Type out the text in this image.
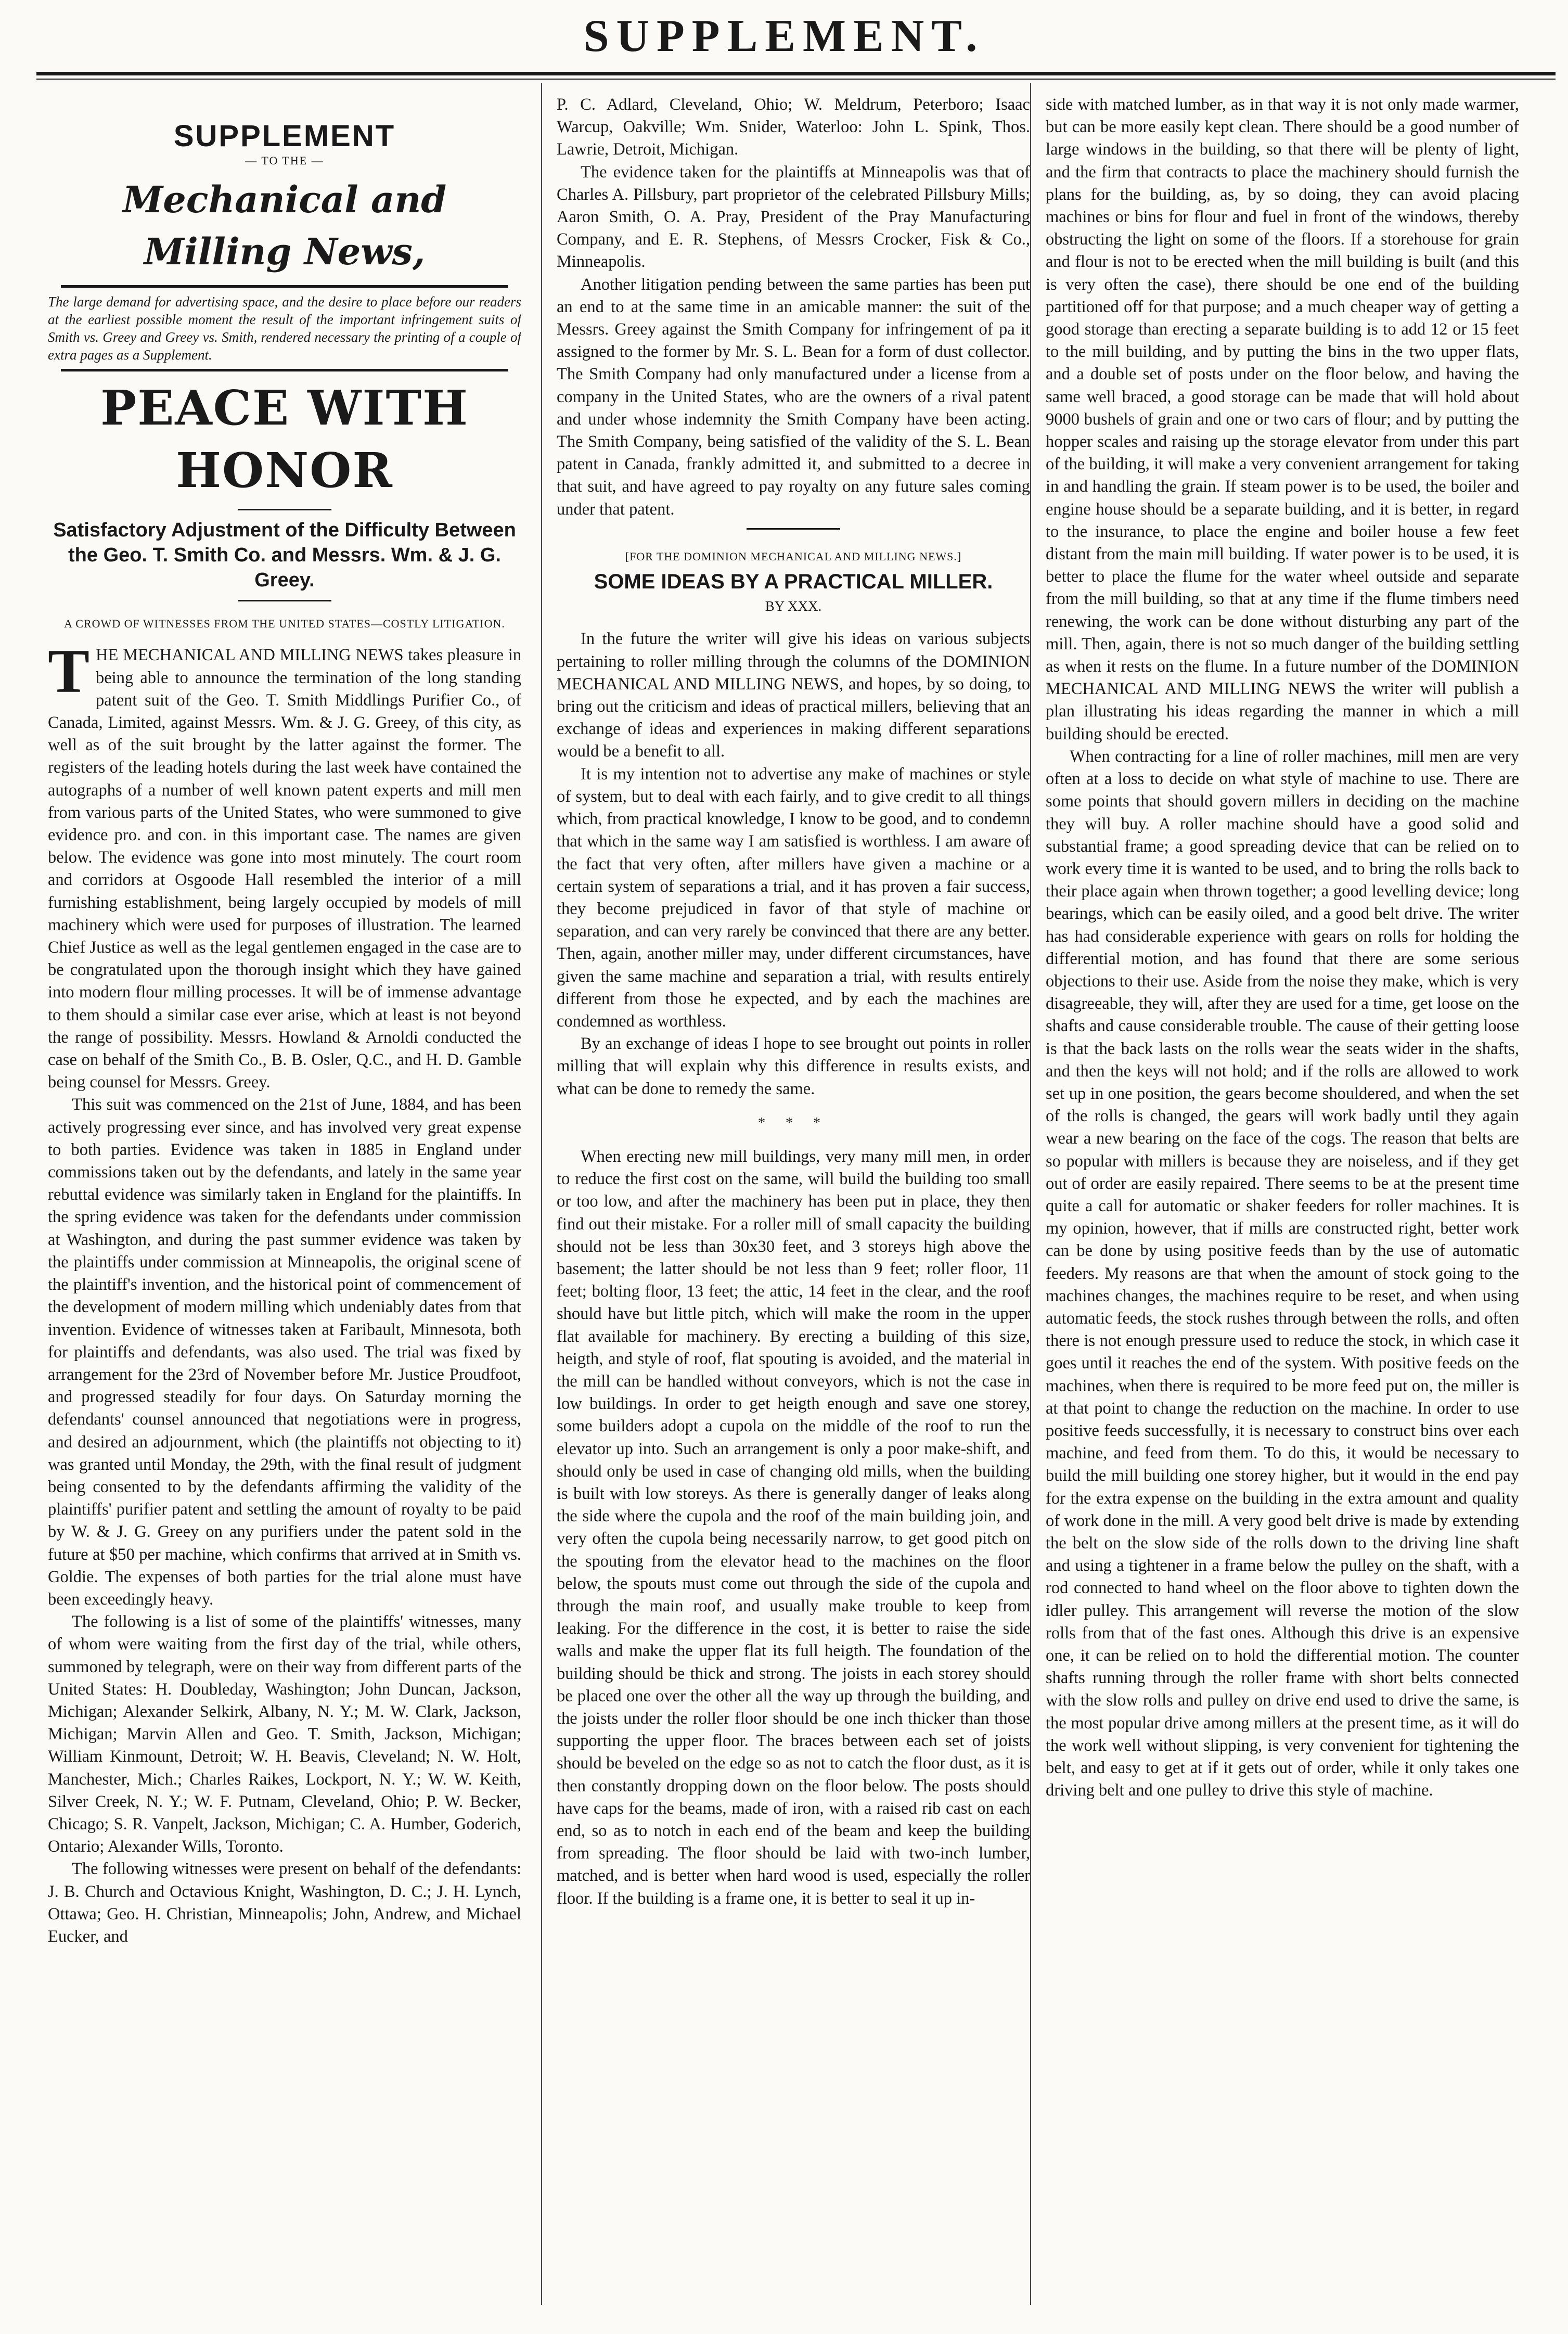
SUPPLEMENT.
SUPPLEMENT
— TO THE —
Mechanical and Milling News,

The large demand for advertising space, and the desire to place before our readers at the earliest possible moment the result of the important infringement suits of Smith vs. Greey and Greey vs. Smith, rendered necessary the printing of a couple of extra pages as a Supplement.

PEACE WITH HONOR
Satisfactory Adjustment of the Difficulty Between the Geo. T. Smith Co. and Messrs. Wm. & J. G. Greey.
A CROWD OF WITNESSES FROM THE UNITED STATES—COSTLY LITIGATION.

THE MECHANICAL AND MILLING NEWS takes pleasure in being able to announce the termination of the long standing patent suit of the Geo. T. Smith Middlings Purifier Co., of Canada, Limited, against Messrs. Wm. & J. G. Greey, of this city, as well as of the suit brought by the latter against the former. The registers of the leading hotels during the last week have contained the autographs of a number of well known patent experts and mill men from various parts of the United States, who were summoned to give evidence pro. and con. in this important case. The names are given below. The evidence was gone into most minutely. The court room and corridors at Osgoode Hall resembled the interior of a mill furnishing establishment, being largely occupied by models of mill machinery which were used for purposes of illustration. The learned Chief Justice as well as the legal gentlemen engaged in the case are to be congratulated upon the thorough insight which they have gained into modern flour milling processes. It will be of immense advantage to them should a similar case ever arise, which at least is not beyond the range of possibility. Messrs. Howland & Arnoldi conducted the case on behalf of the Smith Co., B. B. Osler, Q.C., and H. D. Gamble being counsel for Messrs. Greey.

This suit was commenced on the 21st of June, 1884, and has been actively progressing ever since, and has involved very great expense to both parties. Evidence was taken in 1885 in England under commissions taken out by the defendants, and lately in the same year rebuttal evidence was similarly taken in England for the plaintiffs. In the spring evidence was taken for the defendants under commission at Washington, and during the past summer evidence was taken by the plaintiffs under commission at Minneapolis, the original scene of the plaintiff's invention, and the historical point of commencement of the development of modern milling which undeniably dates from that invention. Evidence of witnesses taken at Faribault, Minnesota, both for plaintiffs and defendants, was also used. The trial was fixed by arrangement for the 23rd of November before Mr. Justice Proudfoot, and progressed steadily for four days. On Saturday morning the defendants' counsel announced that negotiations were in progress, and desired an adjournment, which (the plaintiffs not objecting to it) was granted until Monday, the 29th, with the final result of judgment being consented to by the defendants affirming the validity of the plaintiffs' purifier patent and settling the amount of royalty to be paid by W. & J. G. Greey on any purifiers under the patent sold in the future at $50 per machine, which confirms that arrived at in Smith vs. Goldie. The expenses of both parties for the trial alone must have been exceedingly heavy.

The following is a list of some of the plaintiffs' witnesses, many of whom were waiting from the first day of the trial, while others, summoned by telegraph, were on their way from different parts of the United States: H. Doubleday, Washington; John Duncan, Jackson, Michigan; Alexander Selkirk, Albany, N. Y.; M. W. Clark, Jackson, Michigan; Marvin Allen and Geo. T. Smith, Jackson, Michigan; William Kinmount, Detroit; W. H. Beavis, Cleveland; N. W. Holt, Manchester, Mich.; Charles Raikes, Lockport, N. Y.; W. W. Keith, Silver Creek, N. Y.; W. F. Putnam, Cleveland, Ohio; P. W. Becker, Chicago; S. R. Vanpelt, Jackson, Michigan; C. A. Humber, Goderich, Ontario; Alexander Wills, Toronto.

The following witnesses were present on behalf of the defendants: J. B. Church and Octavious Knight, Washington, D. C.; J. H. Lynch, Ottawa; Geo. H. Christian, Minneapolis; John, Andrew, and Michael Eucker, and

P. C. Adlard, Cleveland, Ohio; W. Meldrum, Peterboro; Isaac Warcup, Oakville; Wm. Snider, Waterloo: John L. Spink, Thos. Lawrie, Detroit, Michigan.

The evidence taken for the plaintiffs at Minneapolis was that of Charles A. Pillsbury, part proprietor of the celebrated Pillsbury Mills; Aaron Smith, O. A. Pray, President of the Pray Manufacturing Company, and E. R. Stephens, of Messrs Crocker, Fisk & Co., Minneapolis.

Another litigation pending between the same parties has been put an end to at the same time in an amicable manner: the suit of the Messrs. Greey against the Smith Company for infringement of pa it assigned to the former by Mr. S. L. Bean for a form of dust collector. The Smith Company had only manufactured under a license from a company in the United States, who are the owners of a rival patent and under whose indemnity the Smith Company have been acting. The Smith Company, being satisfied of the validity of the S. L. Bean patent in Canada, frankly admitted it, and submitted to a decree in that suit, and have agreed to pay royalty on any future sales coming under that patent.

[FOR THE DOMINION MECHANICAL AND MILLING NEWS.]
SOME IDEAS BY A PRACTICAL MILLER.
BY XXX.

In the future the writer will give his ideas on various subjects pertaining to roller milling through the columns of the DOMINION MECHANICAL AND MILLING NEWS, and hopes, by so doing, to bring out the criticism and ideas of practical millers, believing that an exchange of ideas and experiences in making different separations would be a benefit to all.

It is my intention not to advertise any make of machines or style of system, but to deal with each fairly, and to give credit to all things which, from practical knowledge, I know to be good, and to condemn that which in the same way I am satisfied is worthless. I am aware of the fact that very often, after millers have given a machine or a certain system of separations a trial, and it has proven a fair success, they become prejudiced in favor of that style of machine or separation, and can very rarely be convinced that there are any better. Then, again, another miller may, under different circumstances, have given the same machine and separation a trial, with results entirely different from those he expected, and by each the machines are condemned as worthless.

By an exchange of ideas I hope to see brought out points in roller milling that will explain why this difference in results exists, and what can be done to remedy the same.

* * *

When erecting new mill buildings, very many mill men, in order to reduce the first cost on the same, will build the building too small or too low, and after the machinery has been put in place, they then find out their mistake. For a roller mill of small capacity the building should not be less than 30x30 feet, and 3 storeys high above the basement; the latter should be not less than 9 feet; roller floor, 11 feet; bolting floor, 13 feet; the attic, 14 feet in the clear, and the roof should have but little pitch, which will make the room in the upper flat available for machinery. By erecting a building of this size, heigth, and style of roof, flat spouting is avoided, and the material in the mill can be handled without conveyors, which is not the case in low buildings. In order to get heigth enough and save one storey, some builders adopt a cupola on the middle of the roof to run the elevator up into. Such an arrangement is only a poor make-shift, and should only be used in case of changing old mills, when the building is built with low storeys. As there is generally danger of leaks along the side where the cupola and the roof of the main building join, and very often the cupola being necessarily narrow, to get good pitch on the spouting from the elevator head to the machines on the floor below, the spouts must come out through the side of the cupola and through the main roof, and usually make trouble to keep from leaking. For the difference in the cost, it is better to raise the side walls and make the upper flat its full heigth. The foundation of the building should be thick and strong. The joists in each storey should be placed one over the other all the way up through the building, and the joists under the roller floor should be one inch thicker than those supporting the upper floor. The braces between each set of joists should be beveled on the edge so as not to catch the floor dust, as it is then constantly dropping down on the floor below. The posts should have caps for the beams, made of iron, with a raised rib cast on each end, so as to notch in each end of the beam and keep the building from spreading. The floor should be laid with two-inch lumber, matched, and is better when hard wood is used, especially the roller floor. If the building is a frame one, it is better to seal it up in-

side with matched lumber, as in that way it is not only made warmer, but can be more easily kept clean. There should be a good number of large windows in the building, so that there will be plenty of light, and the firm that contracts to place the machinery should furnish the plans for the building, as, by so doing, they can avoid placing machines or bins for flour and fuel in front of the windows, thereby obstructing the light on some of the floors. If a storehouse for grain and flour is not to be erected when the mill building is built (and this is very often the case), there should be one end of the building partitioned off for that purpose; and a much cheaper way of getting a good storage than erecting a separate building is to add 12 or 15 feet to the mill building, and by putting the bins in the two upper flats, and a double set of posts under on the floor below, and having the same well braced, a good storage can be made that will hold about 9000 bushels of grain and one or two cars of flour; and by putting the hopper scales and raising up the storage elevator from under this part of the building, it will make a very convenient arrangement for taking in and handling the grain. If steam power is to be used, the boiler and engine house should be a separate building, and it is better, in regard to the insurance, to place the engine and boiler house a few feet distant from the main mill building. If water power is to be used, it is better to place the flume for the water wheel outside and separate from the mill building, so that at any time if the flume timbers need renewing, the work can be done without disturbing any part of the mill. Then, again, there is not so much danger of the building settling as when it rests on the flume. In a future number of the DOMINION MECHANICAL AND MILLING NEWS the writer will publish a plan illustrating his ideas regarding the manner in which a mill building should be erected.

When contracting for a line of roller machines, mill men are very often at a loss to decide on what style of machine to use. There are some points that should govern millers in deciding on the machine they will buy. A roller machine should have a good solid and substantial frame; a good spreading device that can be relied on to work every time it is wanted to be used, and to bring the rolls back to their place again when thrown together; a good levelling device; long bearings, which can be easily oiled, and a good belt drive. The writer has had considerable experience with gears on rolls for holding the differential motion, and has found that there are some serious objections to their use. Aside from the noise they make, which is very disagreeable, they will, after they are used for a time, get loose on the shafts and cause considerable trouble. The cause of their getting loose is that the back lasts on the rolls wear the seats wider in the shafts, and then the keys will not hold; and if the rolls are allowed to work set up in one position, the gears become shouldered, and when the set of the rolls is changed, the gears will work badly until they again wear a new bearing on the face of the cogs. The reason that belts are so popular with millers is because they are noiseless, and if they get out of order are easily repaired. There seems to be at the present time quite a call for automatic or shaker feeders for roller machines. It is my opinion, however, that if mills are constructed right, better work can be done by using positive feeds than by the use of automatic feeders. My reasons are that when the amount of stock going to the machines changes, the machines require to be reset, and when using automatic feeds, the stock rushes through between the rolls, and often there is not enough pressure used to reduce the stock, in which case it goes until it reaches the end of the system. With positive feeds on the machines, when there is required to be more feed put on, the miller is at that point to change the reduction on the machine. In order to use positive feeds successfully, it is necessary to construct bins over each machine, and feed from them. To do this, it would be necessary to build the mill building one storey higher, but it would in the end pay for the extra expense on the building in the extra amount and quality of work done in the mill. A very good belt drive is made by extending the belt on the slow side of the rolls down to the driving line shaft and using a tightener in a frame below the pulley on the shaft, with a rod connected to hand wheel on the floor above to tighten down the idler pulley. This arrangement will reverse the motion of the slow rolls from that of the fast ones. Although this drive is an expensive one, it can be relied on to hold the differential motion. The counter shafts running through the roller frame with short belts connected with the slow rolls and pulley on drive end used to drive the same, is the most popular drive among millers at the present time, as it will do the work well without slipping, is very convenient for tightening the belt, and easy to get at if it gets out of order, while it only takes one driving belt and one pulley to drive this style of machine.
